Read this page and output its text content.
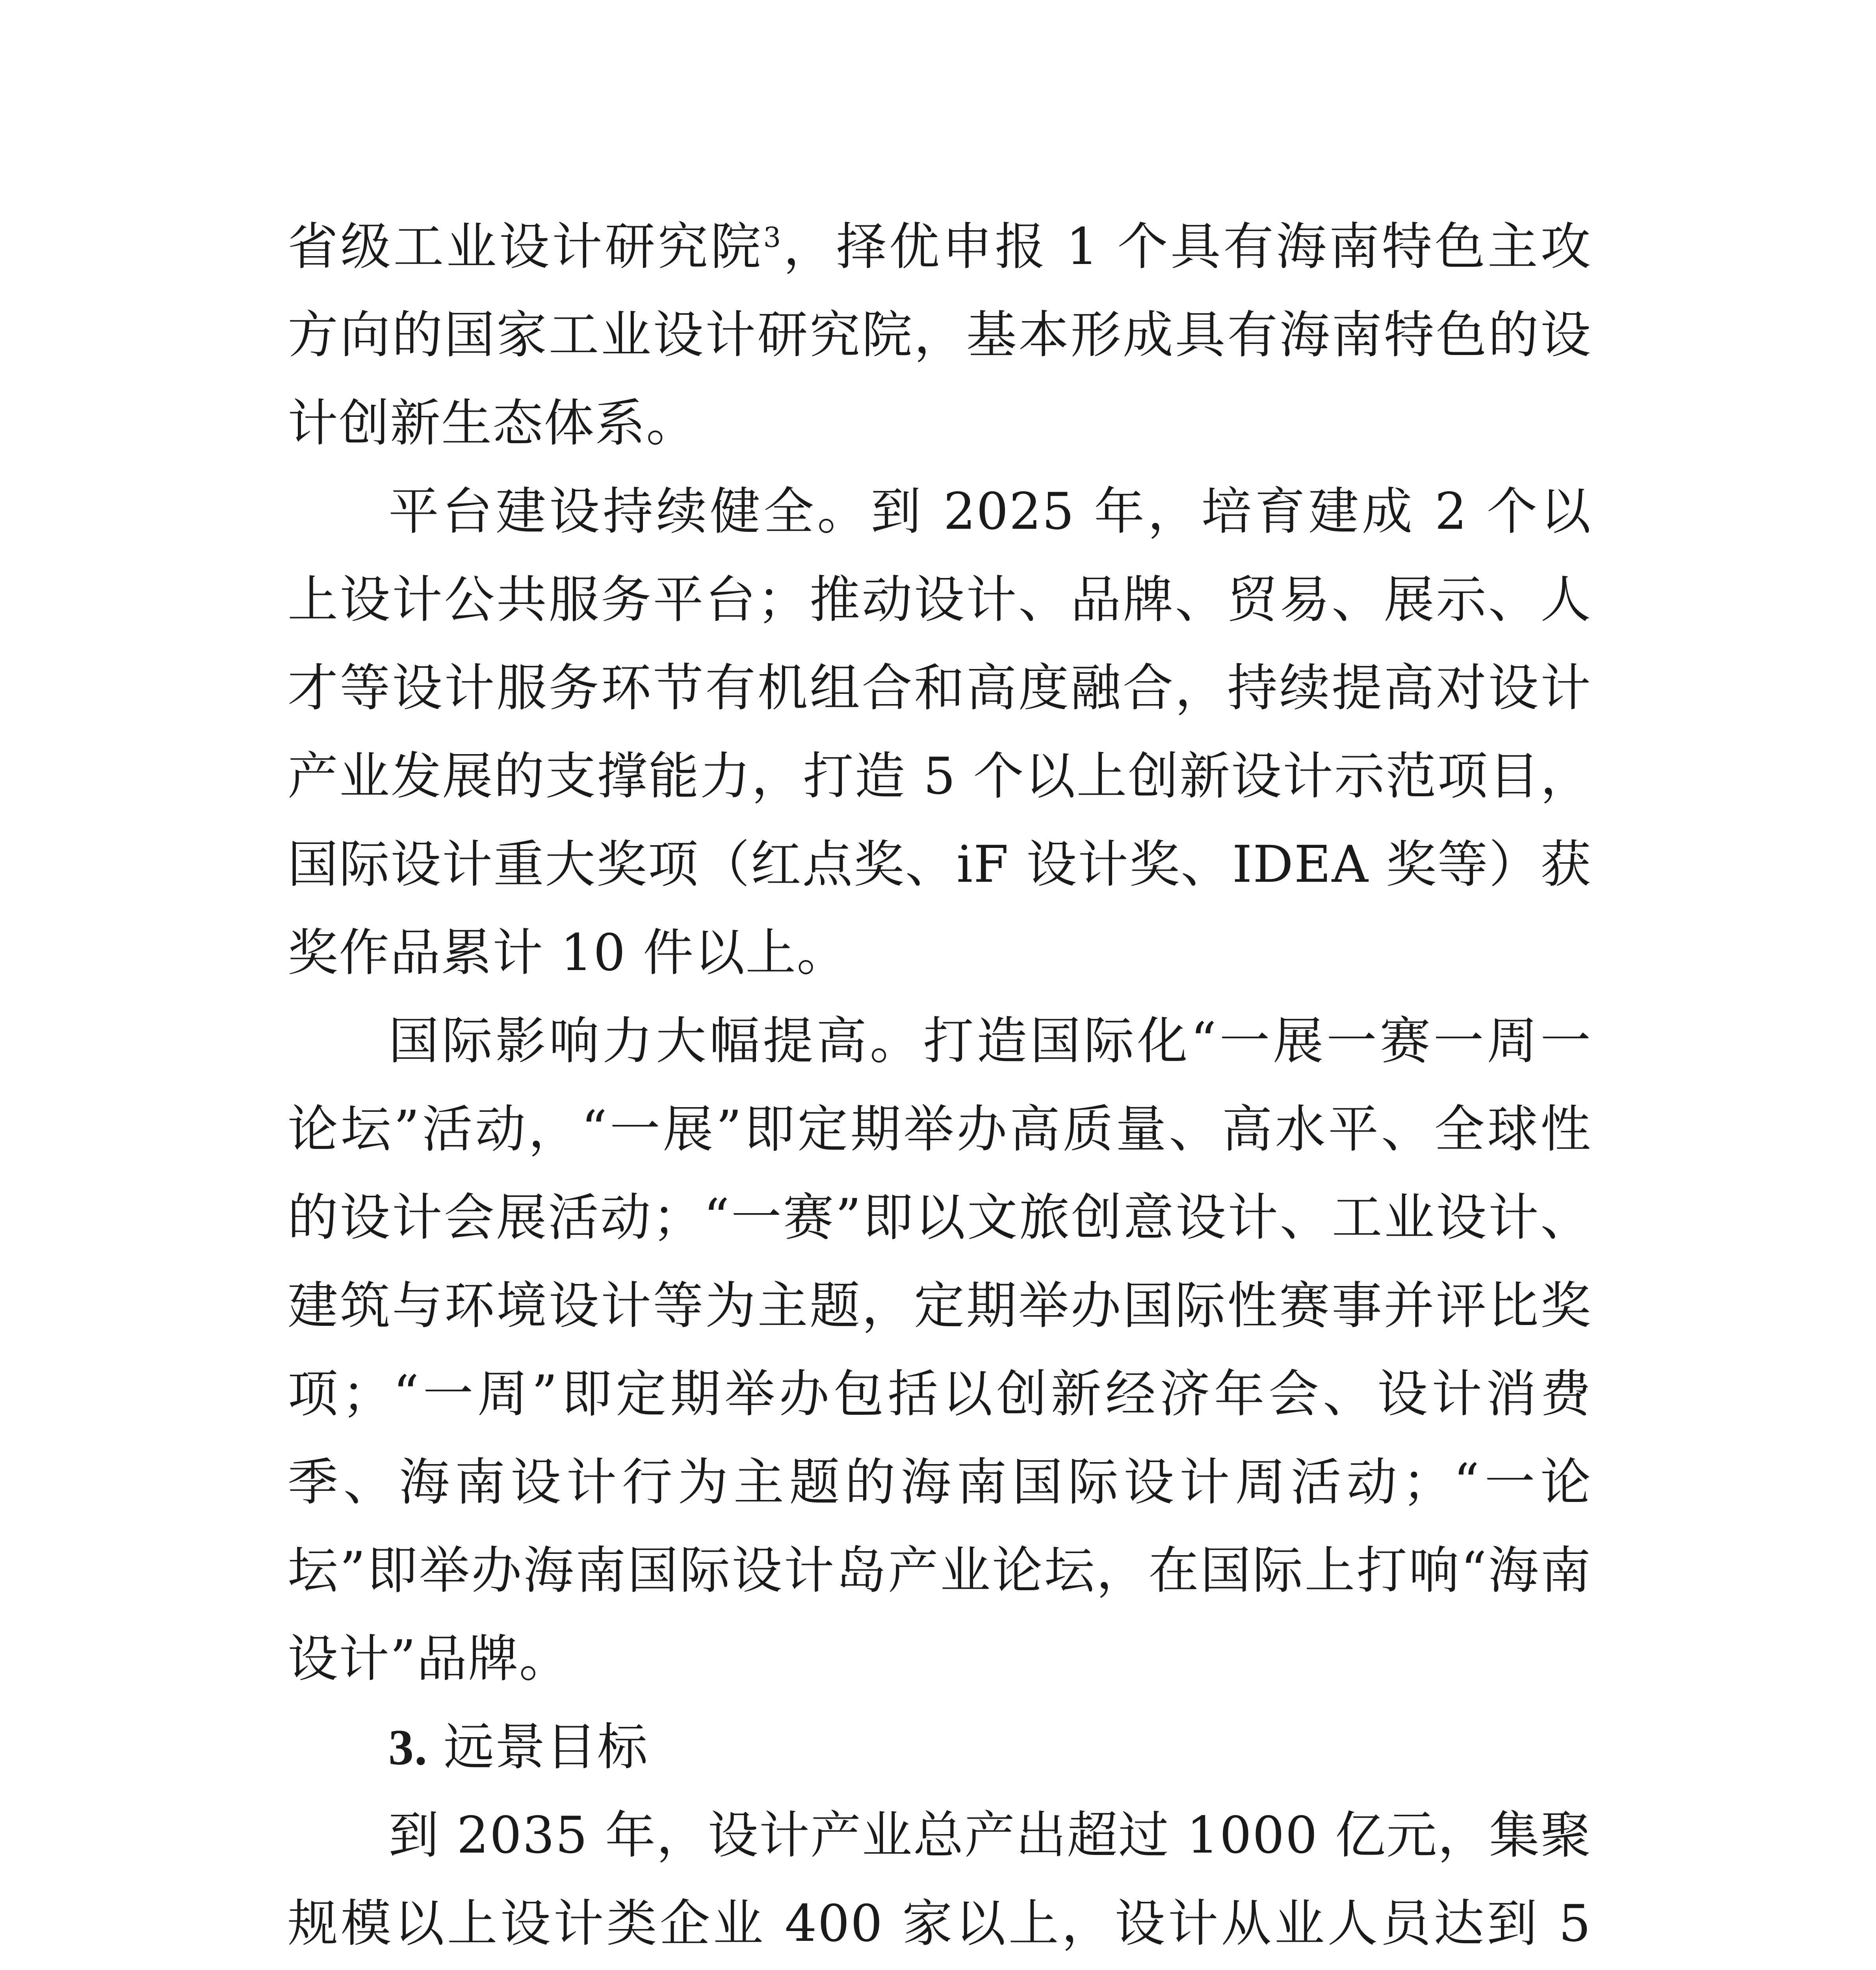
省级工业设计研究院$^3$，择优申报 1 个具有海南特色主攻方向的国家工业设计研究院，基本形成具有海南特色的设计创新生态体系。

平台建设持续健全。到 2025 年，培育建成 2 个以上设计公共服务平台；推动设计、品牌、贸易、展示、人才等设计服务环节有机组合和高度融合，持续提高对设计产业发展的支撑能力，打造 5 个以上创新设计示范项目，国际设计重大奖项（红点奖、iF 设计奖、IDEA 奖等）获奖作品累计 10 件以上。

国际影响力大幅提高。打造国际化“一展一赛一周一论坛”活动，“一展”即定期举办高质量、高水平、全球性的设计会展活动；“一赛”即以文旅创意设计、工业设计、建筑与环境设计等为主题，定期举办国际性赛事并评比奖项；“一周”即定期举办包括以创新经济年会、设计消费季、海南设计行为主题的海南国际设计周活动；“一论坛”即举办海南国际设计岛产业论坛，在国际上打响“海南设计”品牌。

3. 远景目标

到 2035 年，设计产业总产出超过 1000 亿元，集聚规模以上设计类企业 400 家以上，设计从业人员达到 5
